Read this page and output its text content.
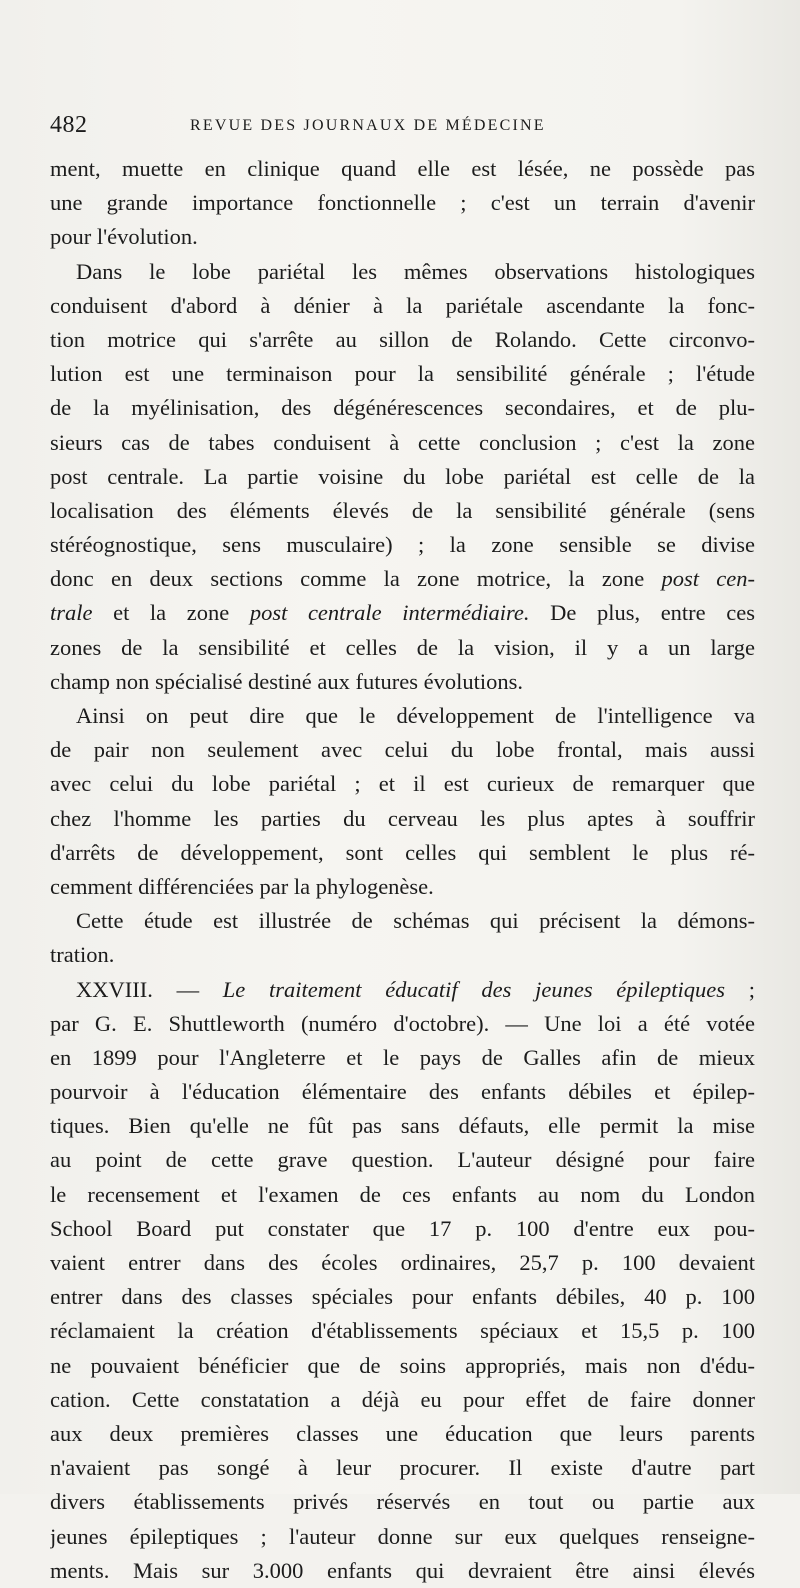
482	REVUE DES JOURNAUX DE MÉDECINE
ment, muette en clinique quand elle est lésée, ne possède pas
une grande importance fonctionnelle ; c'est un terrain d'avenir
pour l'évolution.
Dans le lobe pariétal les mêmes observations histologiques
conduisent d'abord à dénier à la pariétale ascendante la fonc-
tion motrice qui s'arrête au sillon de Rolando. Cette circonvo-
lution est une terminaison pour la sensibilité générale ; l'étude
de la myélinisation, des dégénérescences secondaires, et de plu-
sieurs cas de tabes conduisent à cette conclusion ; c'est la zone
post centrale. La partie voisine du lobe pariétal est celle de la
localisation des éléments élevés de la sensibilité générale (sens
stéréognostique, sens musculaire) ; la zone sensible se divise
donc en deux sections comme la zone motrice, la zone post cen-
trale et la zone post centrale intermédiaire. De plus, entre ces
zones de la sensibilité et celles de la vision, il y a un large
champ non spécialisé destiné aux futures évolutions.
Ainsi on peut dire que le développement de l'intelligence va
de pair non seulement avec celui du lobe frontal, mais aussi
avec celui du lobe pariétal ; et il est curieux de remarquer que
chez l'homme les parties du cerveau les plus aptes à souffrir
d'arrêts de développement, sont celles qui semblent le plus ré-
cemment différenciées par la phylogenèse.
Cette étude est illustrée de schémas qui précisent la démons-
tration.
XXVIII. — Le traitement éducatif des jeunes épileptiques ;
par G. E. Shuttleworth (numéro d'octobre). — Une loi a été votée
en 1899 pour l'Angleterre et le pays de Galles afin de mieux
pourvoir à l'éducation élémentaire des enfants débiles et épilep-
tiques. Bien qu'elle ne fût pas sans défauts, elle permit la mise
au point de cette grave question. L'auteur désigné pour faire
le recensement et l'examen de ces enfants au nom du London
School Board put constater que 17 p. 100 d'entre eux pou-
vaient entrer dans des écoles ordinaires, 25,7 p. 100 devaient
entrer dans des classes spéciales pour enfants débiles, 40 p. 100
réclamaient la création d'établissements spéciaux et 15,5 p. 100
ne pouvaient bénéficier que de soins appropriés, mais non d'édu-
cation. Cette constatation a déjà eu pour effet de faire donner
aux deux premières classes une éducation que leurs parents
n'avaient pas songé à leur procurer. Il existe d'autre part
divers établissements privés réservés en tout ou partie aux
jeunes épileptiques ; l'auteur donne sur eux quelques renseigne-
ments. Mais sur 3.000 enfants qui devraient être ainsi élevés
